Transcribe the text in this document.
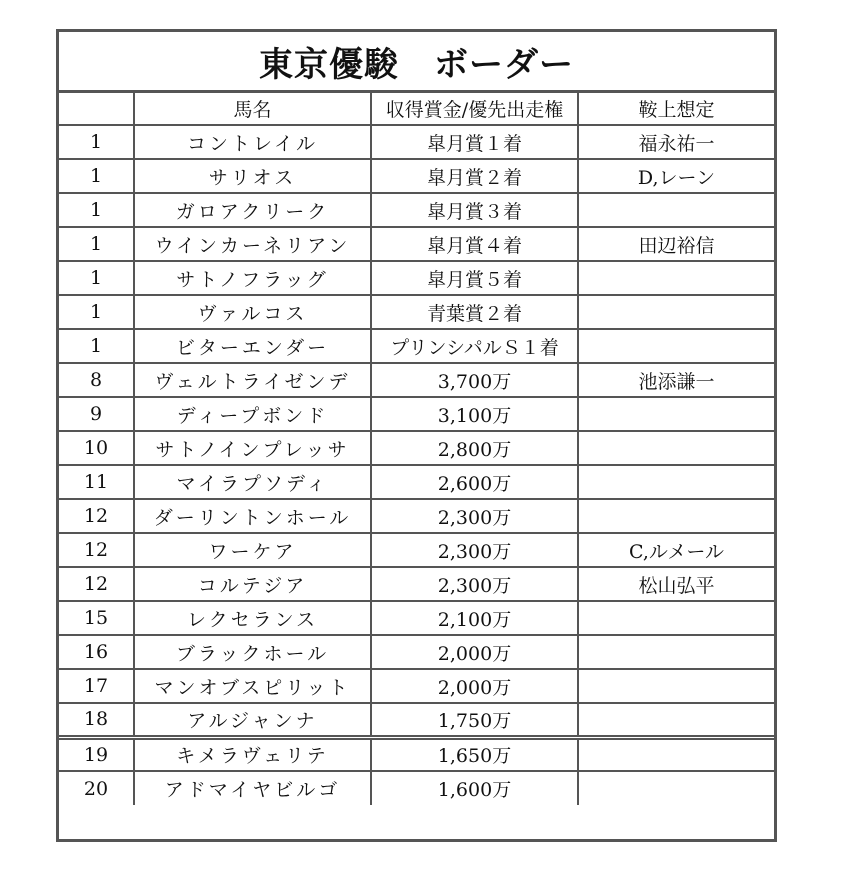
東京優駿　ボーダー
	馬名	収得賞金/優先出走権	鞍上想定
1	コントレイル	皐月賞１着	福永祐一
1	サリオス	皐月賞２着	D,レーン
1	ガロアクリーク	皐月賞３着	
1	ウインカーネリアン	皐月賞４着	田辺裕信
1	サトノフラッグ	皐月賞５着	
1	ヴァルコス	青葉賞２着	
1	ビターエンダー	プリンシパルＳ１着	
8	ヴェルトライゼンデ	3,700万	池添謙一
9	ディープボンド	3,100万	
10	サトノインプレッサ	2,800万	
11	マイラプソディ	2,600万	
12	ダーリントンホール	2,300万	
12	ワーケア	2,300万	C,ルメール
12	コルテジア	2,300万	松山弘平
15	レクセランス	2,100万	
16	ブラックホール	2,000万	
17	マンオブスピリット	2,000万	
18	アルジャンナ	1,750万	
19	キメラヴェリテ	1,650万	
20	アドマイヤビルゴ	1,600万	
